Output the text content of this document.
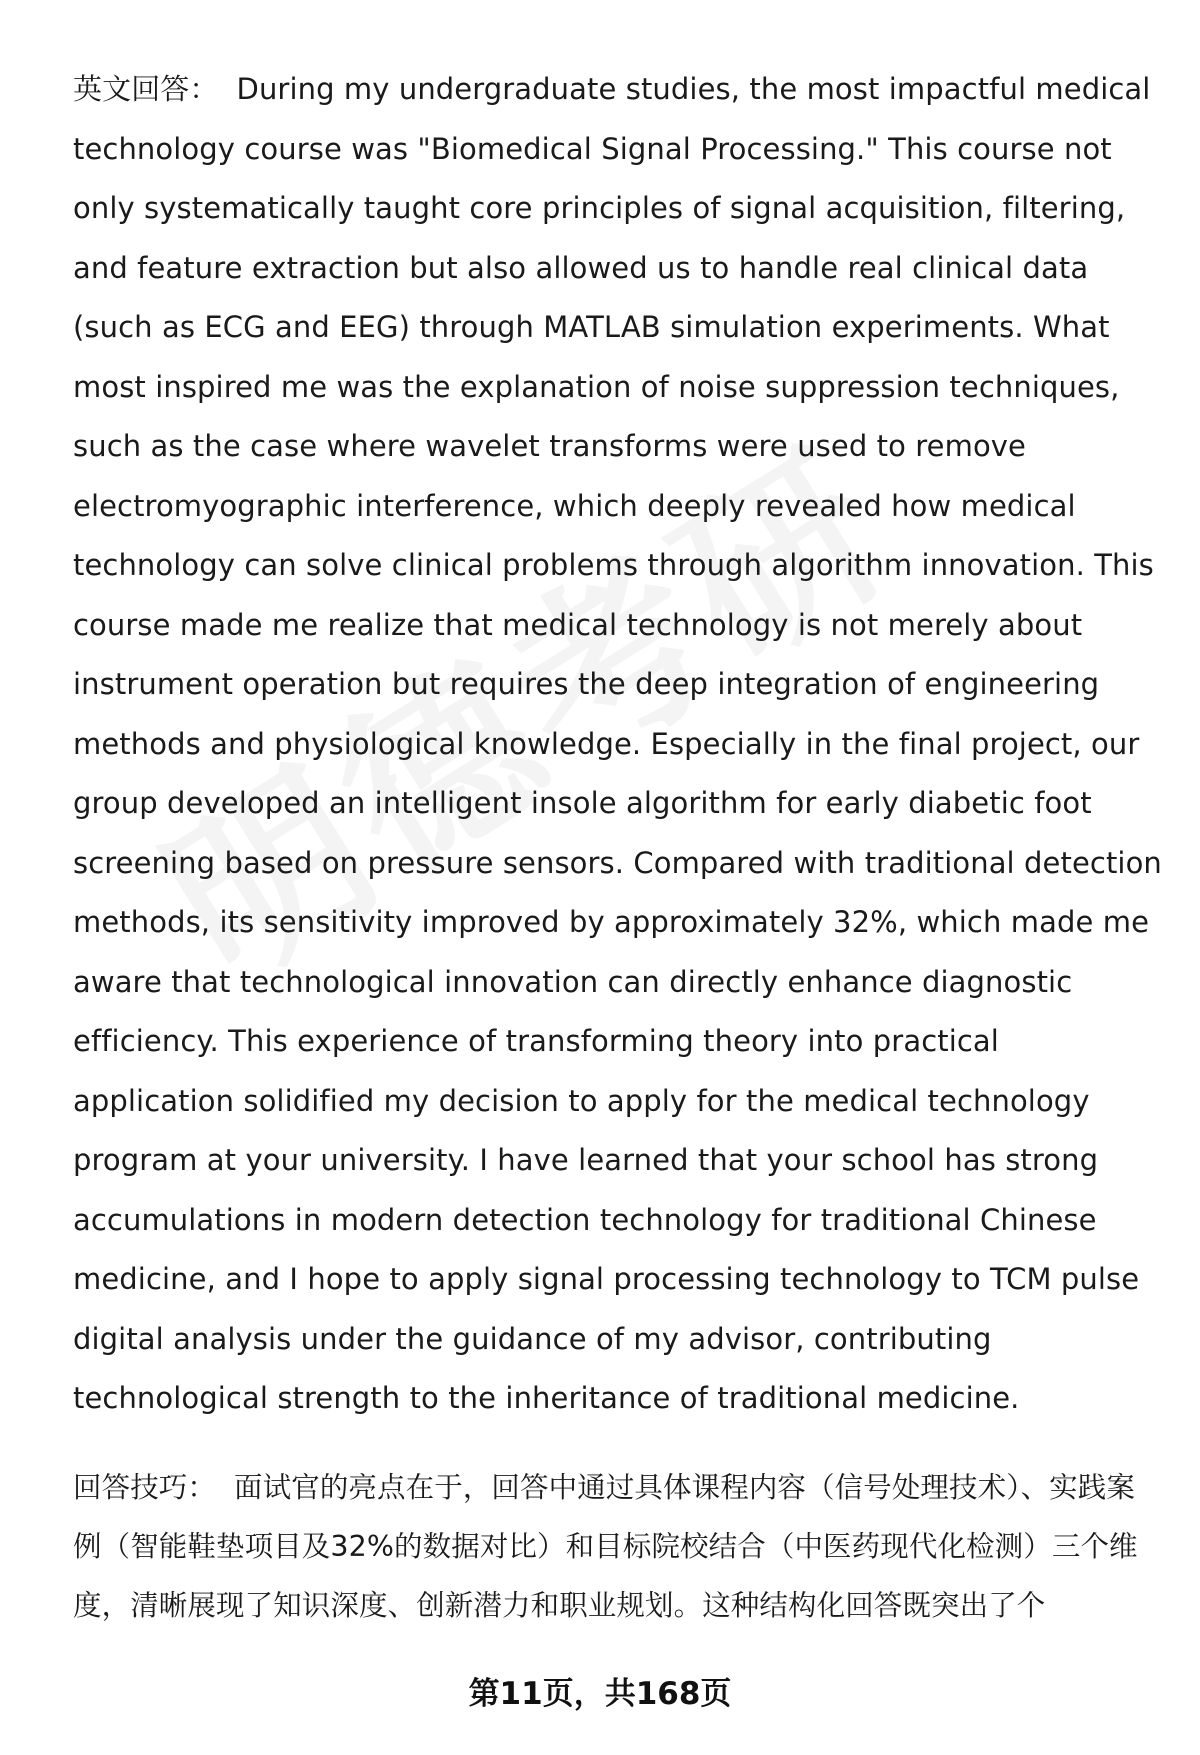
英文回答： During my undergraduate studies, the most impactful medical technology course was "Biomedical Signal Processing." This course not only systematically taught core principles of signal acquisition, filtering, and feature extraction but also allowed us to handle real clinical data (such as ECG and EEG) through MATLAB simulation experiments. What most inspired me was the explanation of noise suppression techniques, such as the case where wavelet transforms were used to remove electromyographic interference, which deeply revealed how medical technology can solve clinical problems through algorithm innovation. This course made me realize that medical technology is not merely about instrument operation but requires the deep integration of engineering methods and physiological knowledge. Especially in the final project, our group developed an intelligent insole algorithm for early diabetic foot screening based on pressure sensors. Compared with traditional detection methods, its sensitivity improved by approximately 32%, which made me aware that technological innovation can directly enhance diagnostic efficiency. This experience of transforming theory into practical application solidified my decision to apply for the medical technology program at your university. I have learned that your school has strong accumulations in modern detection technology for traditional Chinese medicine, and I hope to apply signal processing technology to TCM pulse digital analysis under the guidance of my advisor, contributing technological strength to the inheritance of traditional medicine.

回答技巧： 面试官的亮点在于，回答中通过具体课程内容（信号处理技术）、实践案例（智能鞋垫项目及32%的数据对比）和目标院校结合（中医药现代化检测）三个维度，清晰展现了知识深度、创新潜力和职业规划。这种结构化回答既突出了个

第11页，共168页
